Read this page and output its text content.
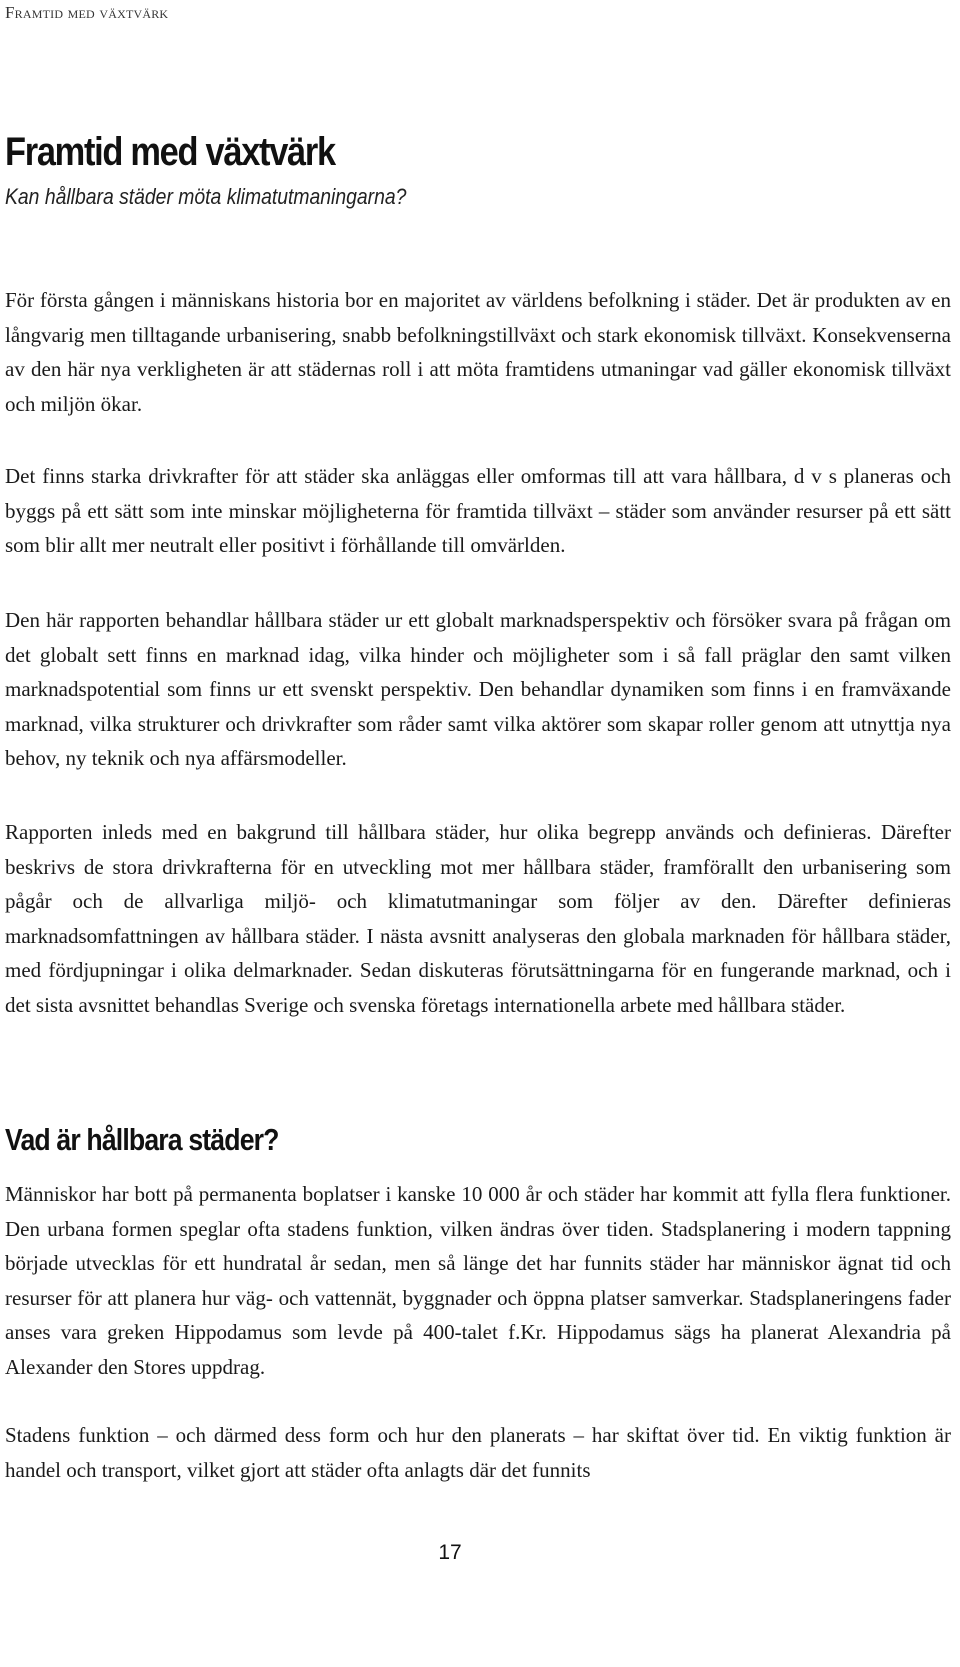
Framtid med växtvärk
Framtid med växtvärk
Kan hållbara städer möta klimatutmaningarna?

För första gången i människans historia bor en majoritet av världens befolkning i städer. Det är produkten av en långvarig men tilltagande urbanisering, snabb befolkningstillväxt och stark ekonomisk tillväxt. Konsekvenserna av den här nya verkligheten är att städernas roll i att möta framtidens utmaningar vad gäller ekonomisk tillväxt och miljön ökar.

Det finns starka drivkrafter för att städer ska anläggas eller omformas till att vara hållbara, d v s planeras och byggs på ett sätt som inte minskar möjligheterna för framtida tillväxt – städer som använder resurser på ett sätt som blir allt mer neutralt eller positivt i förhållande till omvärlden.

Den här rapporten behandlar hållbara städer ur ett globalt marknadsperspektiv och försöker svara på frågan om det globalt sett finns en marknad idag, vilka hinder och möjligheter som i så fall präglar den samt vilken marknadspotential som finns ur ett svenskt perspektiv. Den behandlar dynamiken som finns i en framväxande marknad, vilka strukturer och drivkrafter som råder samt vilka aktörer som skapar roller genom att utnyttja nya behov, ny teknik och nya affärsmodeller.

Rapporten inleds med en bakgrund till hållbara städer, hur olika begrepp används och definieras. Därefter beskrivs de stora drivkrafterna för en utveckling mot mer hållbara städer, framförallt den urbanisering som pågår och de allvarliga miljö- och klimatutmaningar som följer av den. Därefter definieras marknadsomfattningen av hållbara städer. I nästa avsnitt analyseras den globala marknaden för hållbara städer, med fördjupningar i olika delmarknader. Sedan diskuteras förutsättningarna för en fungerande marknad, och i det sista avsnittet behandlas Sverige och svenska företags internationella arbete med hållbara städer.

Vad är hållbara städer?

Människor har bott på permanenta boplatser i kanske 10 000 år och städer har kommit att fylla flera funktioner. Den urbana formen speglar ofta stadens funktion, vilken ändras över tiden. Stadsplanering i modern tappning började utvecklas för ett hundratal år sedan, men så länge det har funnits städer har människor ägnat tid och resurser för att planera hur väg- och vattennät, byggnader och öppna platser samverkar. Stadsplaneringens fader anses vara greken Hippodamus som levde på 400-talet f.Kr. Hippodamus sägs ha planerat Alexandria på Alexander den Stores uppdrag.

Stadens funktion – och därmed dess form och hur den planerats – har skiftat över tid. En viktig funktion är handel och transport, vilket gjort att städer ofta anlagts där det funnits

17
